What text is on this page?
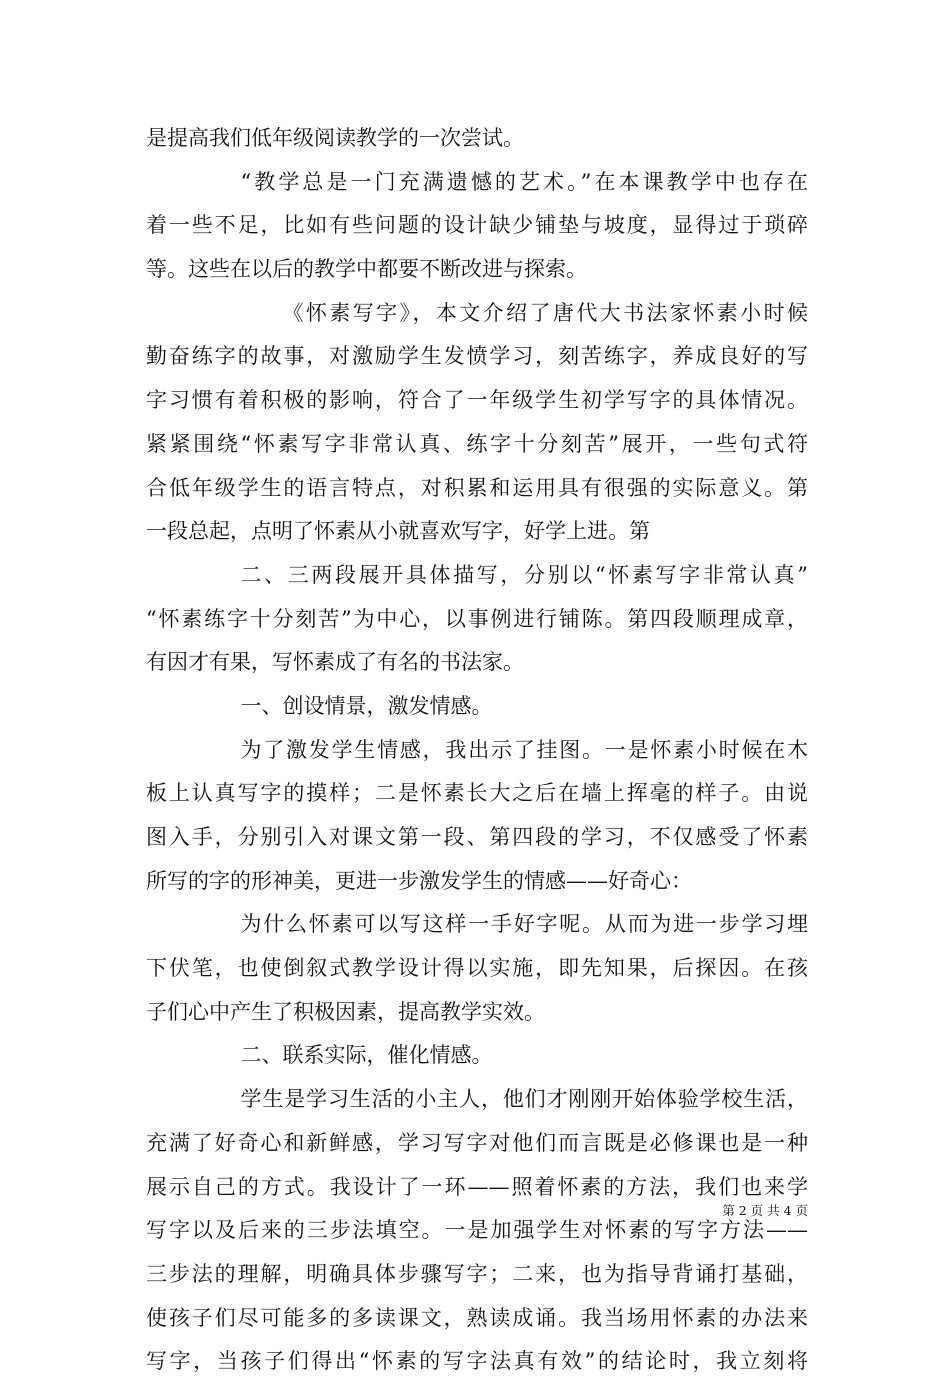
是提高我们低年级阅读教学的一次尝试。
“教学总是一门充满遗憾的艺术。”在本课教学中也存在
着一些不足，比如有些问题的设计缺少铺垫与坡度，显得过于琐碎
等。这些在以后的教学中都要不断改进与探索。
《怀素写字》，本文介绍了唐代大书法家怀素小时候
勤奋练字的故事，对激励学生发愤学习，刻苦练字，养成良好的写
字习惯有着积极的影响，符合了一年级学生初学写字的具体情况。
紧紧围绕“怀素写字非常认真、练字十分刻苦”展开，一些句式符
合低年级学生的语言特点，对积累和运用具有很强的实际意义。第
一段总起，点明了怀素从小就喜欢写字，好学上进。第
二、三两段展开具体描写，分别以“怀素写字非常认真”
“怀素练字十分刻苦”为中心，以事例进行铺陈。第四段顺理成章，
有因才有果，写怀素成了有名的书法家。
一、创设情景，激发情感。
为了激发学生情感，我出示了挂图。一是怀素小时候在木
板上认真写字的摸样；二是怀素长大之后在墙上挥毫的样子。由说
图入手，分别引入对课文第一段、第四段的学习，不仅感受了怀素
所写的字的形神美，更进一步激发学生的情感——好奇心：
为什么怀素可以写这样一手好字呢。从而为进一步学习埋
下伏笔，也使倒叙式教学设计得以实施，即先知果，后探因。在孩
子们心中产生了积极因素，提高教学实效。
二、联系实际，催化情感。
学生是学习生活的小主人，他们才刚刚开始体验学校生活，
充满了好奇心和新鲜感，学习写字对他们而言既是必修课也是一种
展示自己的方式。我设计了一环——照着怀素的方法，我们也来学
写字以及后来的三步法填空。一是加强学生对怀素的写字方法——
三步法的理解，明确具体步骤写字；二来，也为指导背诵打基础，
使孩子们尽可能多的多读课文，熟读成诵。我当场用怀素的办法来
写字，当孩子们得出“怀素的写字法真有效”的结论时，我立刻将
第 2 页 共 4 页
